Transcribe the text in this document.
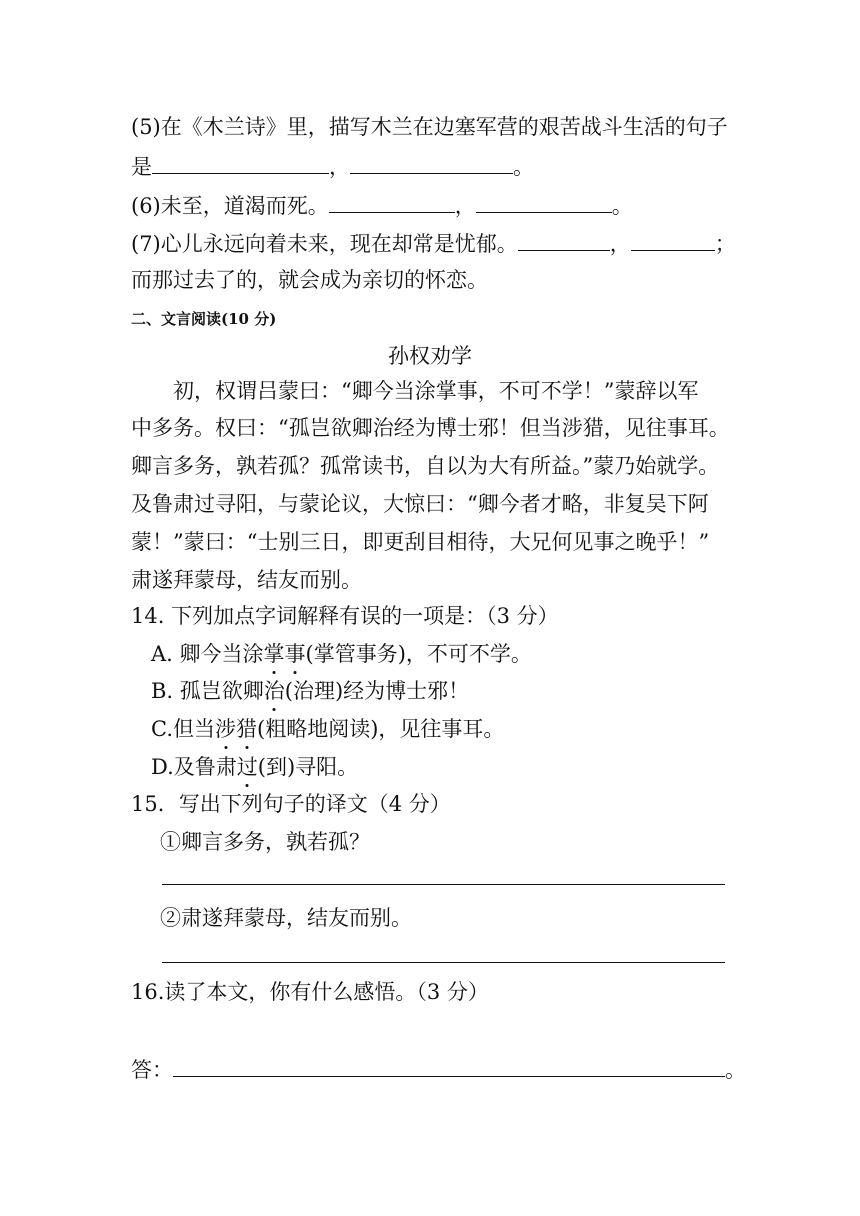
(5)在《木兰诗》里，描写木兰在边塞军营的艰苦战斗生活的句子
是	，	。
(6)未至，道渴而死。	，	。
(7)心儿永远向着未来，现在却常是忧郁。	，	；
而那过去了的，就会成为亲切的怀恋。
二、文言阅读(10 分)
孙权劝学
初，权谓吕蒙曰：“卿今当涂掌事，不可不学！”蒙辞以军
中多务。权曰：“孤岂欲卿治经为博士邪！但当涉猎，见往事耳。
卿言多务，孰若孤？孤常读书，自以为大有所益。”蒙乃始就学。
及鲁肃过寻阳，与蒙论议，大惊曰：“卿今者才略，非复吴下阿
蒙！”蒙曰：“士别三日，即更刮目相待，大兄何见事之晚乎！”
肃遂拜蒙母，结友而别。
14. 下列加点字词解释有误的一项是：（3 分）
A. 卿今当涂掌事(掌管事务)，不可不学。
B. 孤岂欲卿治(治理)经为博士邪！
C.但当涉猎(粗略地阅读)，见往事耳。
D.及鲁肃过(到)寻阳。
15．写出下列句子的译文（4 分）
①卿言多务，孰若孤？
②肃遂拜蒙母，结友而别。
16.读了本文，你有什么感悟。（3 分）
答：	。
